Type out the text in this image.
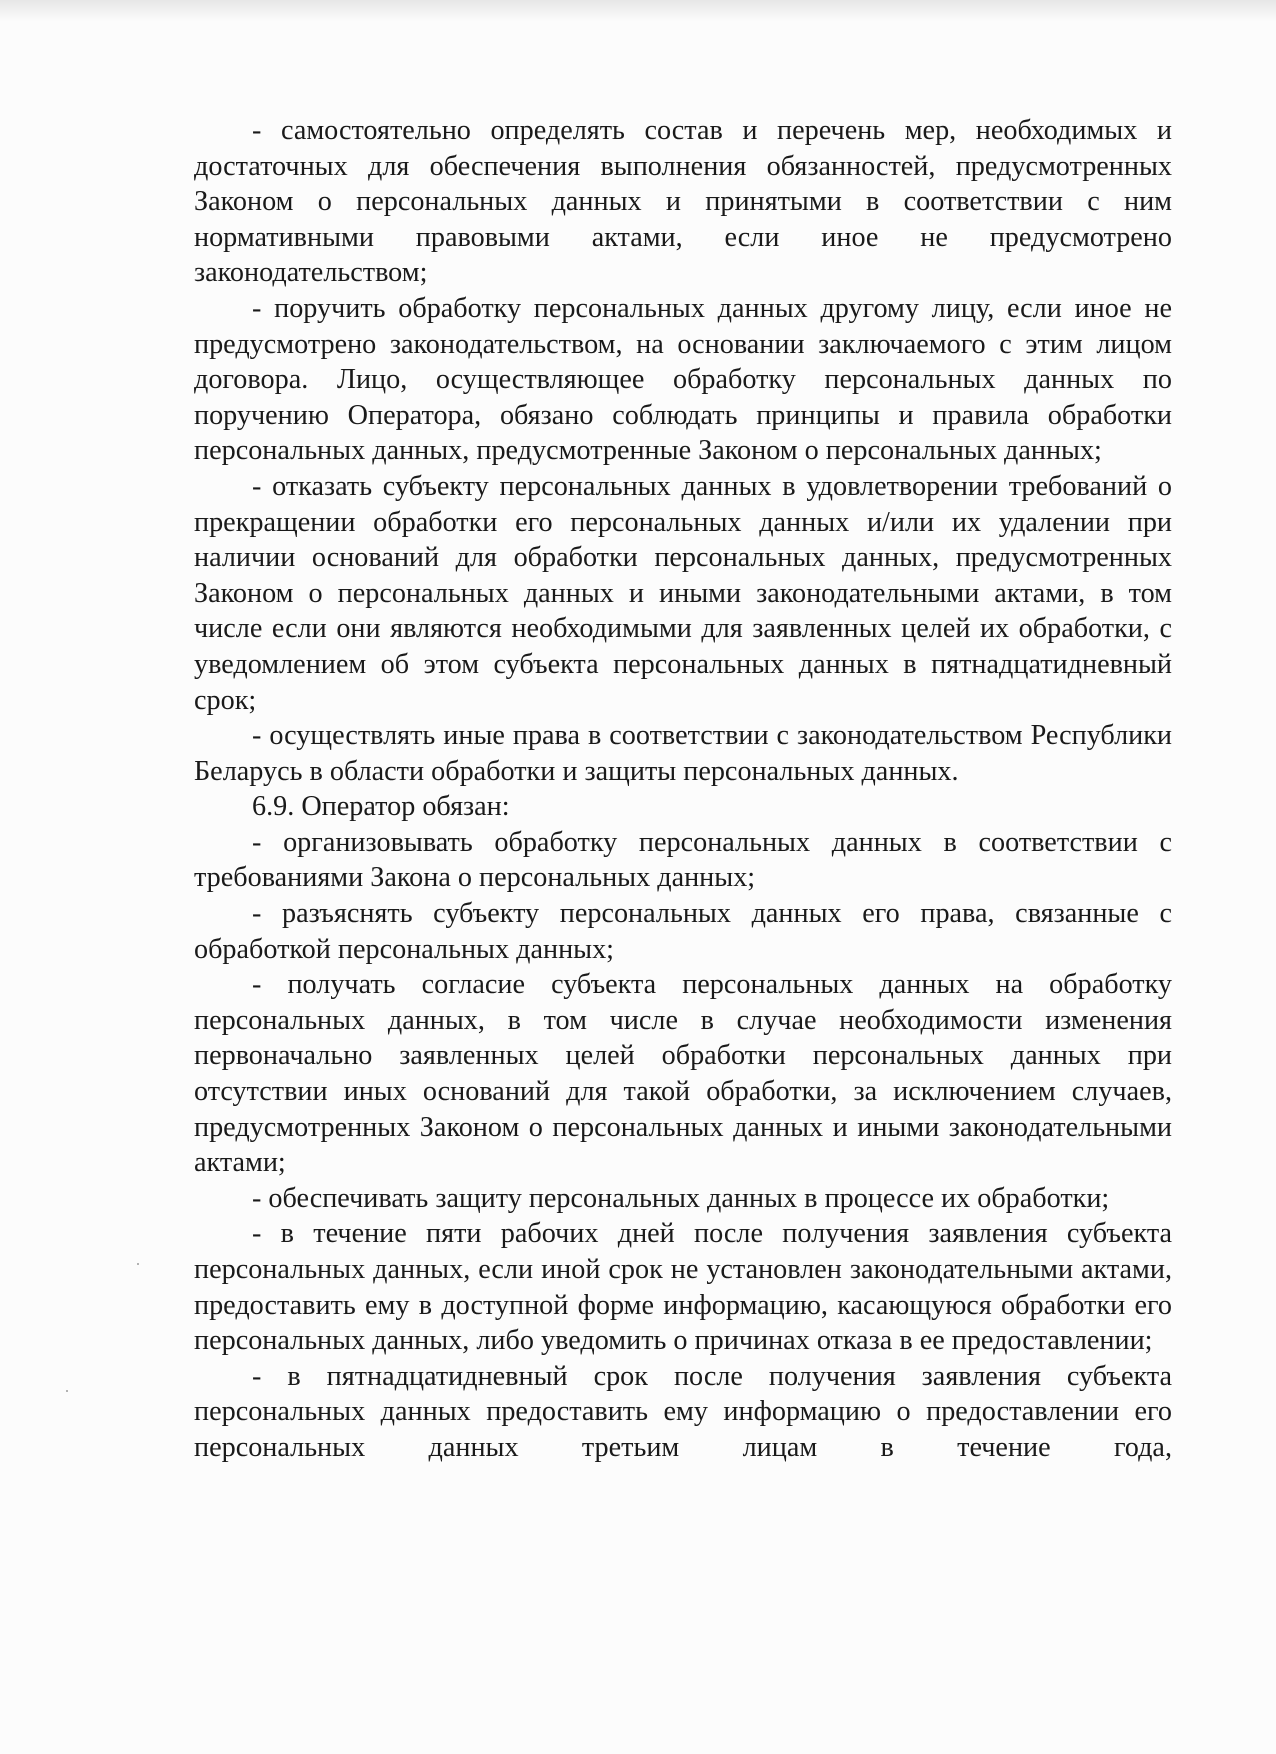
- самостоятельно определять состав и перечень мер, необходимых и достаточных для обеспечения выполнения обязанностей, предусмотренных Законом о персональных данных и принятыми в соответствии с ним нормативными правовыми актами, если иное не предусмотрено законодательством;

- поручить обработку персональных данных другому лицу, если иное не предусмотрено законодательством, на основании заключаемого с этим лицом договора. Лицо, осуществляющее обработку персональных данных по поручению Оператора, обязано соблюдать принципы и правила обработки персональных данных, предусмотренные Законом о персональных данных;

- отказать субъекту персональных данных в удовлетворении требований о прекращении обработки его персональных данных и/или их удалении при наличии оснований для обработки персональных данных, предусмотренных Законом о персональных данных и иными законодательными актами, в том числе если они являются необходимыми для заявленных целей их обработки, с уведомлением об этом субъекта персональных данных в пятнадцатидневный срок;

- осуществлять иные права в соответствии с законодательством Республики Беларусь в области обработки и защиты персональных данных.

6.9. Оператор обязан:

- организовывать обработку персональных данных в соответствии с требованиями Закона о персональных данных;

- разъяснять субъекту персональных данных его права, связанные с обработкой персональных данных;

- получать согласие субъекта персональных данных на обработку персональных данных, в том числе в случае необходимости изменения первоначально заявленных целей обработки персональных данных при отсутствии иных оснований для такой обработки, за исключением случаев, предусмотренных Законом о персональных данных и иными законодательными актами;

- обеспечивать защиту персональных данных в процессе их обработки;

- в течение пяти рабочих дней после получения заявления субъекта персональных данных, если иной срок не установлен законодательными актами, предоставить ему в доступной форме информацию, касающуюся обработки его персональных данных, либо уведомить о причинах отказа в ее предоставлении;

- в пятнадцатидневный срок после получения заявления субъекта персональных данных предоставить ему информацию о предоставлении его персональных данных третьим лицам в течение года,
